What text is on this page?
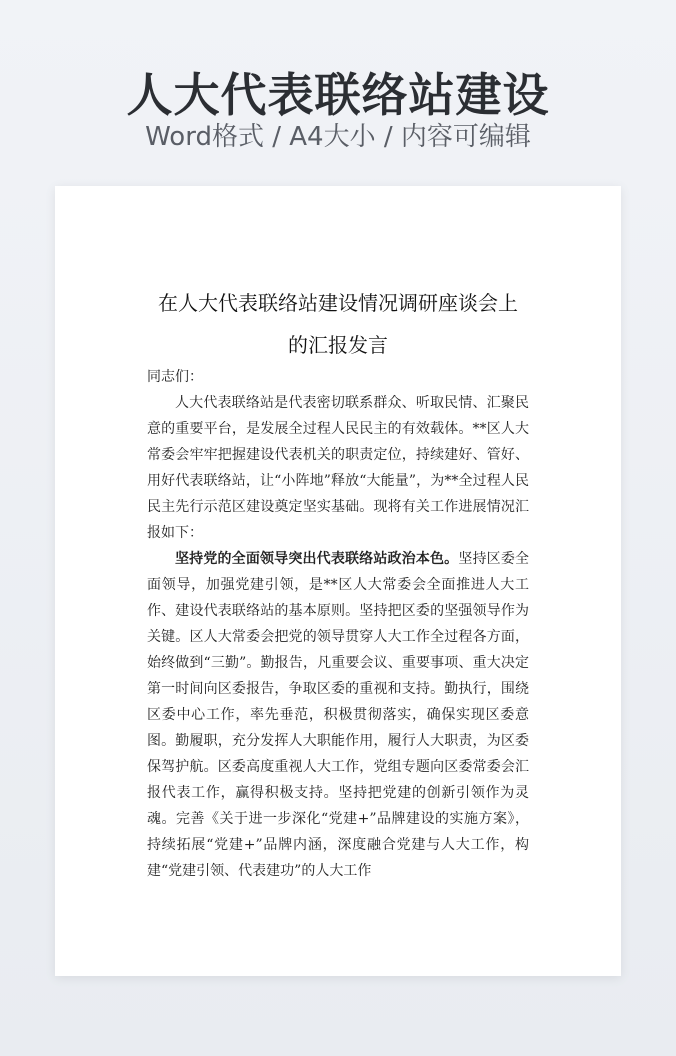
人大代表联络站建设
Word格式 / A4大小 / 内容可编辑
在人大代表联络站建设情况调研座谈会上
的汇报发言

同志们：

人大代表联络站是代表密切联系群众、听取民情、汇聚民意的重要平台，是发展全过程人民民主的有效载体。**区人大常委会牢牢把握建设代表机关的职责定位，持续建好、管好、用好代表联络站，让“小阵地”释放“大能量”，为**全过程人民民主先行示范区建设奠定坚实基础。现将有关工作进展情况汇报如下：

坚持党的全面领导突出代表联络站政治本色。坚持区委全面领导，加强党建引领，是**区人大常委会全面推进人大工作、建设代表联络站的基本原则。坚持把区委的坚强领导作为关键。区人大常委会把党的领导贯穿人大工作全过程各方面，始终做到“三勤”。勤报告，凡重要会议、重要事项、重大决定第一时间向区委报告，争取区委的重视和支持。勤执行，围绕区委中心工作，率先垂范，积极贯彻落实，确保实现区委意图。勤履职，充分发挥人大职能作用，履行人大职责，为区委保驾护航。区委高度重视人大工作，党组专题向区委常委会汇报代表工作，赢得积极支持。坚持把党建的创新引领作为灵魂。完善《关于进一步深化“党建+”品牌建设的实施方案》，持续拓展“党建+”品牌内涵，深度融合党建与人大工作，构建“党建引领、代表建功”的人大工作
